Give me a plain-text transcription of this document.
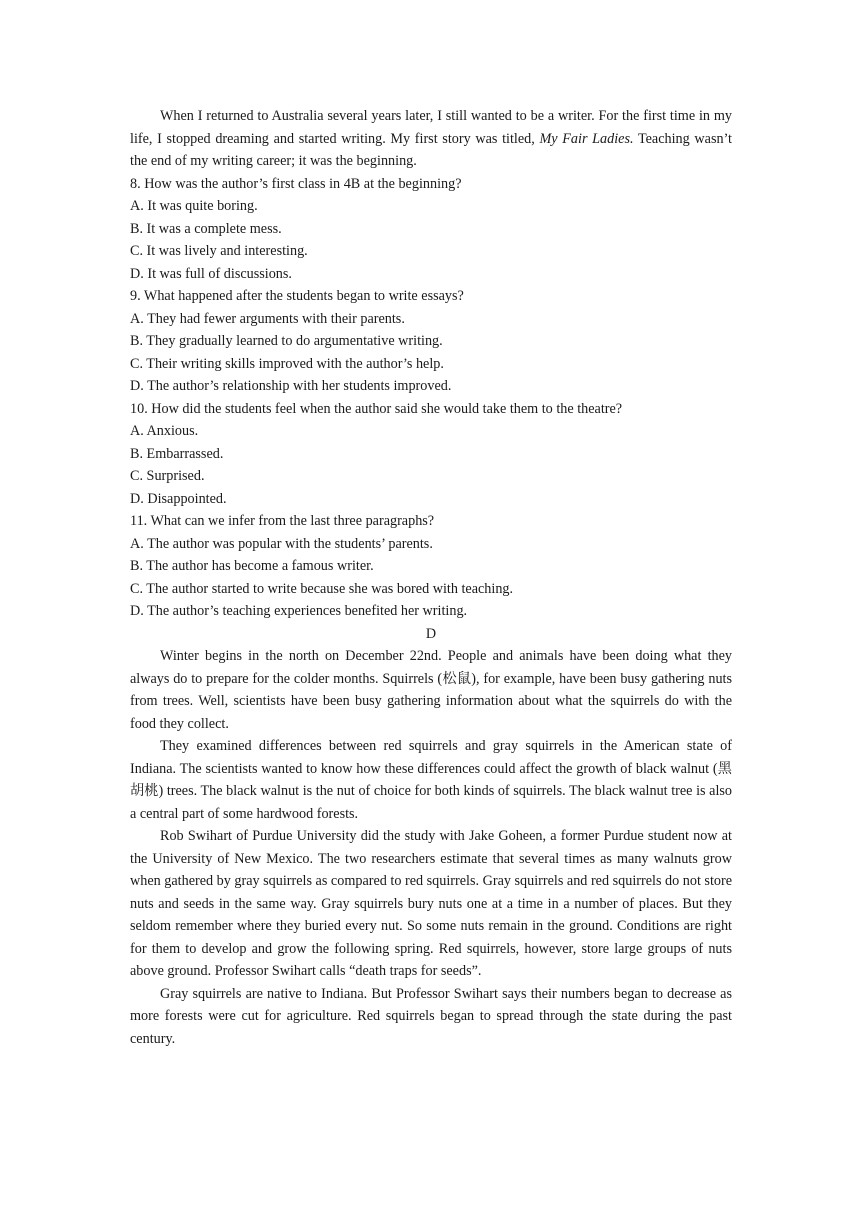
When I returned to Australia several years later, I still wanted to be a writer. For the first time in my life, I stopped dreaming and started writing. My first story was titled, My Fair Ladies. Teaching wasn’t the end of my writing career; it was the beginning.

8. How was the author’s first class in 4B at the beginning?

A. It was quite boring.

B. It was a complete mess.

C. It was lively and interesting.

D. It was full of discussions.

9. What happened after the students began to write essays?

A. They had fewer arguments with their parents.

B. They gradually learned to do argumentative writing.

C. Their writing skills improved with the author’s help.

D. The author’s relationship with her students improved.

10. How did the students feel when the author said she would take them to the theatre?

A. Anxious.

B. Embarrassed.

C. Surprised.

D. Disappointed.

11. What can we infer from the last three paragraphs?

A. The author was popular with the students’ parents.

B. The author has become a famous writer.

C. The author started to write because she was bored with teaching.

D. The author’s teaching experiences benefited her writing.

D

Winter begins in the north on December 22nd. People and animals have been doing what they always do to prepare for the colder months. Squirrels (松鼠), for example, have been busy gathering nuts from trees. Well, scientists have been busy gathering information about what the squirrels do with the food they collect.

They examined differences between red squirrels and gray squirrels in the American state of Indiana. The scientists wanted to know how these differences could affect the growth of black walnut (黑胡桃) trees. The black walnut is the nut of choice for both kinds of squirrels. The black walnut tree is also a central part of some hardwood forests.

Rob Swihart of Purdue University did the study with Jake Goheen, a former Purdue student now at the University of New Mexico. The two researchers estimate that several times as many walnuts grow when gathered by gray squirrels as compared to red squirrels. Gray squirrels and red squirrels do not store nuts and seeds in the same way. Gray squirrels bury nuts one at a time in a number of places. But they seldom remember where they buried every nut. So some nuts remain in the ground. Conditions are right for them to develop and grow the following spring. Red squirrels, however, store large groups of nuts above ground. Professor Swihart calls “death traps for seeds”.

Gray squirrels are native to Indiana. But Professor Swihart says their numbers began to decrease as more forests were cut for agriculture. Red squirrels began to spread through the state during the past century.
